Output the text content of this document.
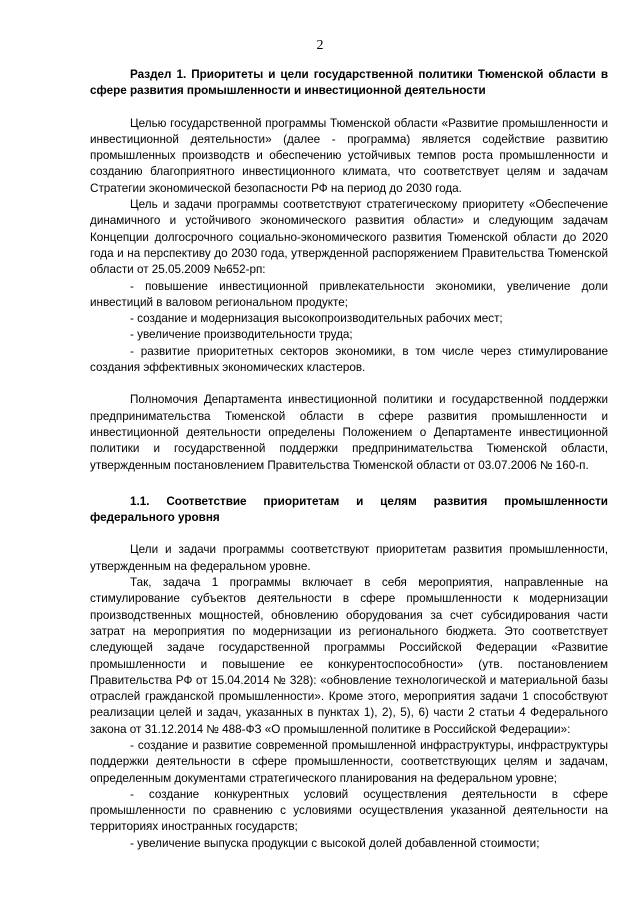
2

Раздел 1. Приоритеты и цели государственной политики Тюменской области в сфере развития промышленности и инвестиционной деятельности

Целью государственной программы Тюменской области «Развитие промышленности и инвестиционной деятельности» (далее - программа) является содействие развитию промышленных производств и обеспечению устойчивых темпов роста промышленности и созданию благоприятного инвестиционного климата, что соответствует целям и задачам Стратегии экономической безопасности РФ на период до 2030 года.

Цель и задачи программы соответствуют стратегическому приоритету «Обеспечение динамичного и устойчивого экономического развития области» и следующим задачам Концепции долгосрочного социально-экономического развития Тюменской области до 2020 года и на перспективу до 2030 года, утвержденной распоряжением Правительства Тюменской области от 25.05.2009 №652-рп:

- повышение инвестиционной привлекательности экономики, увеличение доли инвестиций в валовом региональном продукте;

- создание и модернизация высокопроизводительных рабочих мест;

- увеличение производительности труда;

- развитие приоритетных секторов экономики, в том числе через стимулирование создания эффективных экономических кластеров.

Полномочия Департамента инвестиционной политики и государственной поддержки предпринимательства Тюменской области в сфере развития промышленности и инвестиционной деятельности определены Положением о Департаменте инвестиционной политики и государственной поддержки предпринимательства Тюменской области, утвержденным постановлением Правительства Тюменской области от 03.07.2006 № 160-п.

1.1. Соответствие приоритетам и целям развития промышленности федерального уровня

Цели и задачи программы соответствуют приоритетам развития промышленности, утвержденным на федеральном уровне.

Так, задача 1 программы включает в себя мероприятия, направленные на стимулирование субъектов деятельности в сфере промышленности к модернизации производственных мощностей, обновлению оборудования за счет субсидирования части затрат на мероприятия по модернизации из регионального бюджета. Это соответствует следующей задаче государственной программы Российской Федерации «Развитие промышленности и повышение ее конкурентоспособности» (утв. постановлением Правительства РФ от 15.04.2014 № 328): «обновление технологической и материальной базы отраслей гражданской промышленности». Кроме этого, мероприятия задачи 1 способствуют реализации целей и задач, указанных в пунктах 1), 2), 5), 6) части 2 статьи 4 Федерального закона от 31.12.2014 № 488-ФЗ «О промышленной политике в Российской Федерации»:

- создание и развитие современной промышленной инфраструктуры, инфраструктуры поддержки деятельности в сфере промышленности, соответствующих целям и задачам, определенным документами стратегического планирования на федеральном уровне;

- создание конкурентных условий осуществления деятельности в сфере промышленности по сравнению с условиями осуществления указанной деятельности на территориях иностранных государств;

- увеличение выпуска продукции с высокой долей добавленной стоимости;
